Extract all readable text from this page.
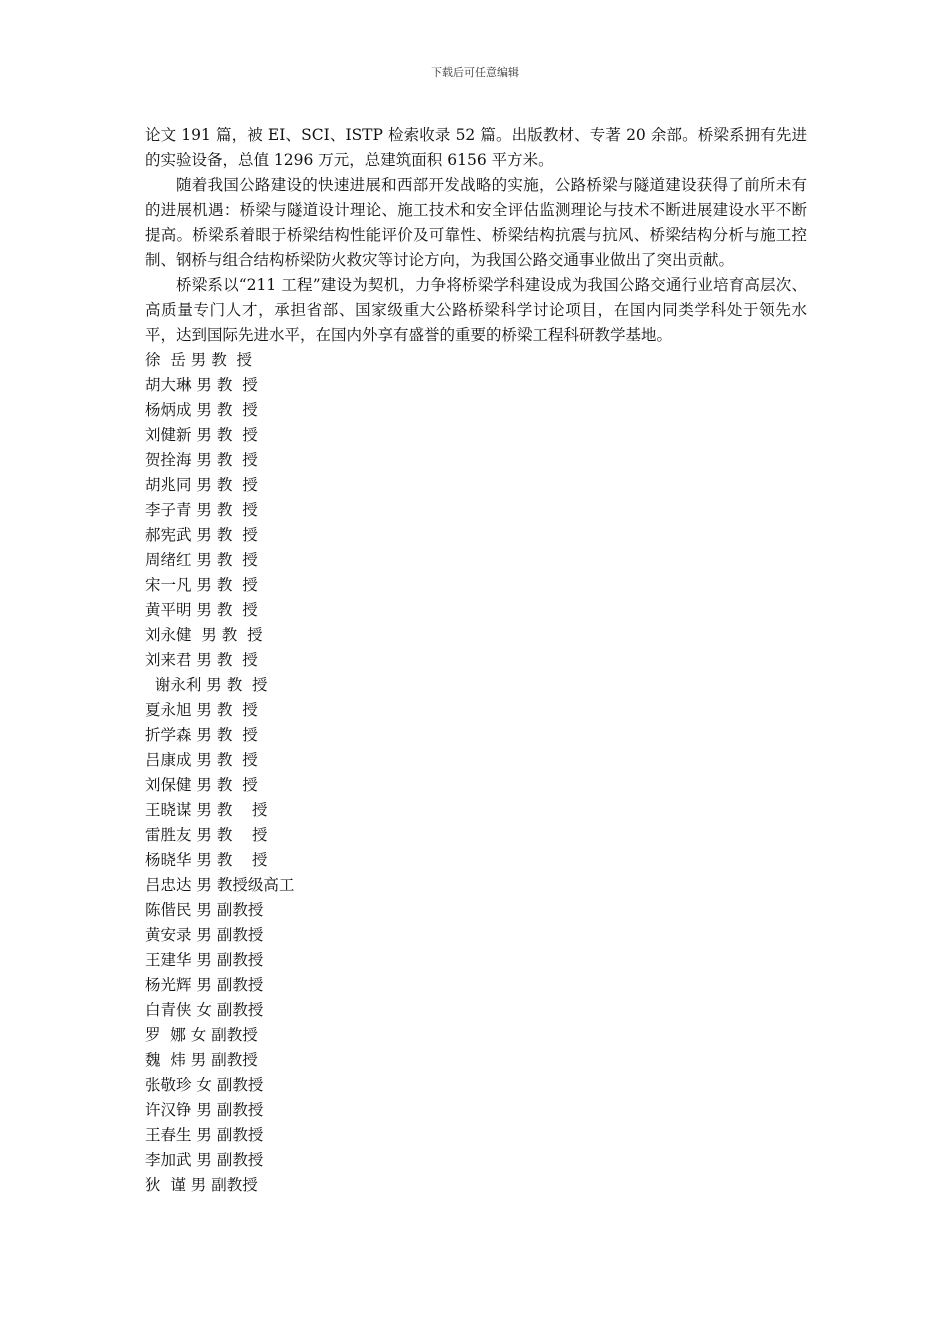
下载后可任意编辑

论文 191 篇，被 EI、SCI、ISTP 检索收录 52 篇。出版教材、专著 20 余部。桥梁系拥有先进的实验设备，总值 1296 万元，总建筑面积 6156 平方米。

随着我国公路建设的快速进展和西部开发战略的实施，公路桥梁与隧道建设获得了前所未有的进展机遇：桥梁与隧道设计理论、施工技术和安全评估监测理论与技术不断进展建设水平不断提高。桥梁系着眼于桥梁结构性能评价及可靠性、桥梁结构抗震与抗风、桥梁结构分析与施工控制、钢桥与组合结构桥梁防火救灾等讨论方向，为我国公路交通事业做出了突出贡献。

桥梁系以“211 工程”建设为契机，力争将桥梁学科建设成为我国公路交通行业培育高层次、高质量专门人才，承担省部、国家级重大公路桥梁科学讨论项目，在国内同类学科处于领先水平，达到国际先进水平，在国内外享有盛誉的重要的桥梁工程科研教学基地。

徐  岳 男 教  授
胡大琳 男 教  授
杨炳成 男 教  授
刘健新 男 教  授
贺拴海 男 教  授
胡兆同 男 教  授
李子青 男 教  授
郝宪武 男 教  授
周绪红 男 教  授
宋一凡 男 教  授
黄平明 男 教  授
刘永健  男 教  授
刘来君 男 教  授
谢永利 男 教  授
夏永旭 男 教  授
折学森 男 教  授
吕康成 男 教  授
刘保健 男 教  授
王晓谋 男 教    授
雷胜友 男 教    授
杨晓华 男 教    授
吕忠达 男 教授级高工
陈偕民 男 副教授
黄安录 男 副教授
王建华 男 副教授
杨光辉 男 副教授
白青侠 女 副教授
罗  娜 女 副教授
魏  炜 男 副教授
张敬珍 女 副教授
许汉铮 男 副教授
王春生 男 副教授
李加武 男 副教授
狄  谨 男 副教授
